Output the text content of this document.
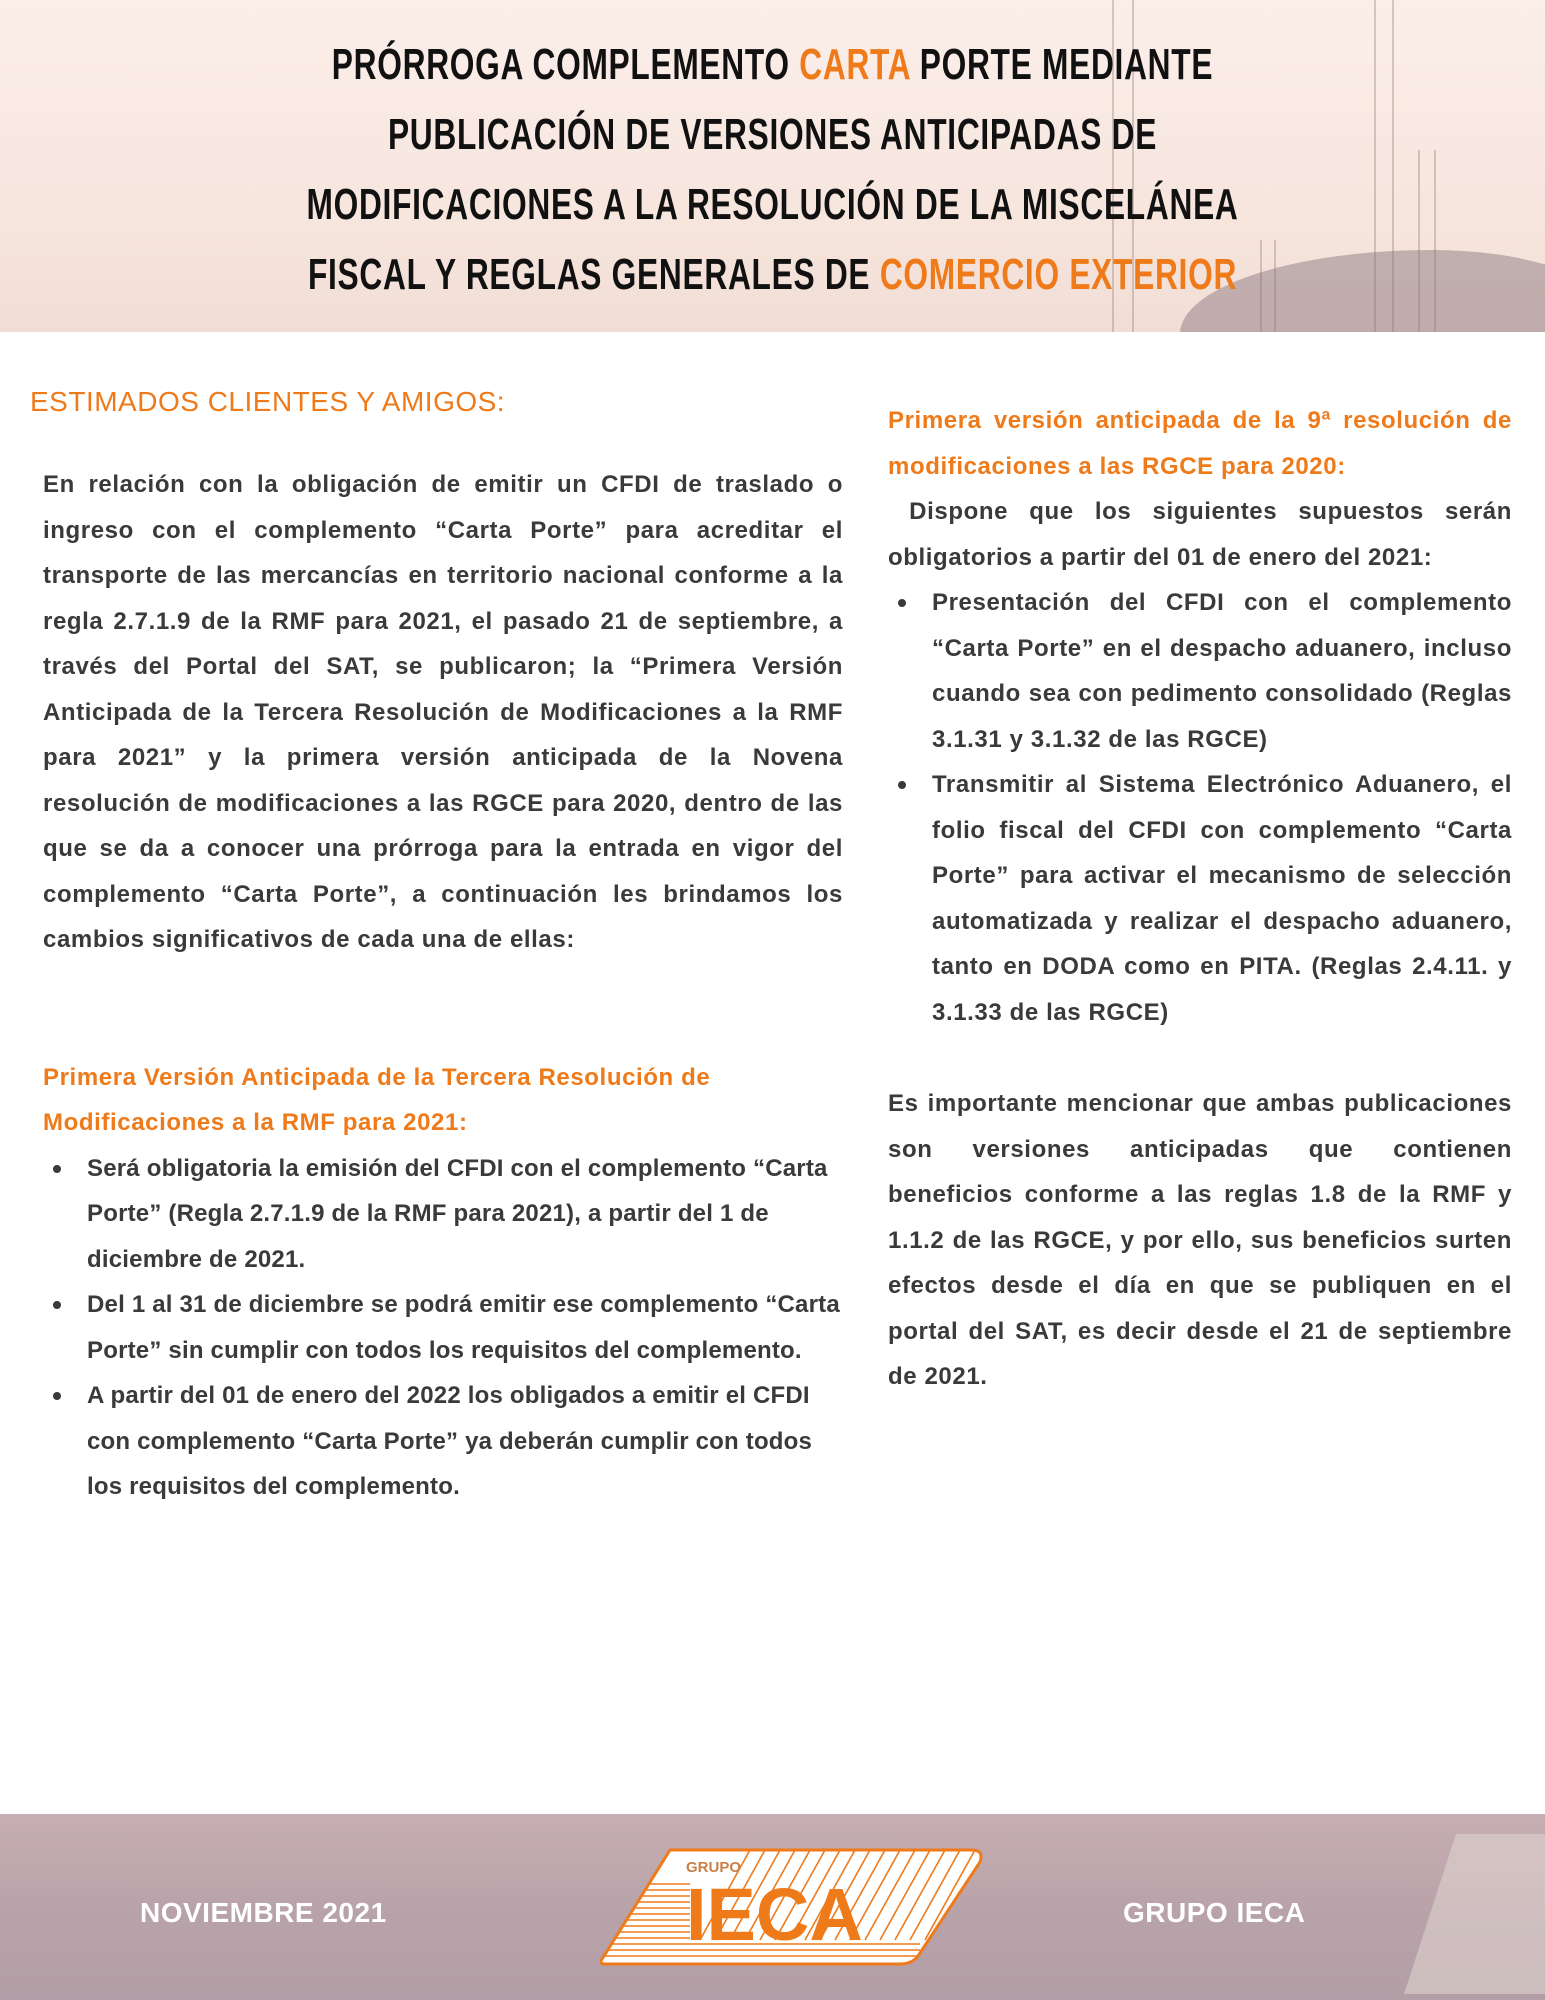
PRÓRROGA COMPLEMENTO CARTA PORTE MEDIANTE
PUBLICACIÓN DE VERSIONES ANTICIPADAS DE
MODIFICACIONES A LA RESOLUCIÓN DE LA MISCELÁNEA
FISCAL Y REGLAS GENERALES DE COMERCIO EXTERIOR
ESTIMADOS CLIENTES Y AMIGOS:

En relación con la obligación de emitir un CFDI de traslado o ingreso con el complemento “Carta Porte” para acreditar el transporte de las mercancías en territorio nacional conforme a la regla 2.7.1.9 de la RMF para 2021, el pasado 21 de septiembre, a través del Portal del SAT, se publicaron; la “Primera Versión Anticipada de la Tercera Resolución de Modificaciones a la RMF para 2021” y la primera versión anticipada de la Novena resolución de modificaciones a las RGCE para 2020, dentro de las que se da a conocer una prórroga para la entrada en vigor del complemento “Carta Porte”, a continuación les brindamos los cambios significativos de cada una de ellas:

Primera Versión Anticipada de la Tercera Resolución de Modificaciones a la RMF para 2021:
Será obligatoria la emisión del CFDI con el complemento “Carta Porte” (Regla 2.7.1.9 de la RMF para 2021), a partir del 1 de diciembre de 2021.
Del 1 al 31 de diciembre se podrá emitir ese complemento “Carta Porte” sin cumplir con todos los requisitos del complemento.
A partir del 01 de enero del 2022 los obligados a emitir el CFDI con complemento “Carta Porte” ya deberán cumplir con todos los requisitos del complemento.
Primera versión anticipada de la 9ª resolución de modificaciones a las RGCE para 2020:

Dispone que los siguientes supuestos serán obligatorios a partir del 01 de enero del 2021:

Presentación del CFDI con el complemento “Carta Porte” en el despacho aduanero, incluso cuando sea con pedimento consolidado (Reglas 3.1.31 y 3.1.32 de las RGCE)

Transmitir al Sistema Electrónico Aduanero, el folio fiscal del CFDI con complemento “Carta Porte” para activar el mecanismo de selección automatizada y realizar el despacho aduanero, tanto en DODA como en PITA. (Reglas 2.4.11. y 3.1.33 de las RGCE)

Es importante mencionar que ambas publicaciones son versiones anticipadas que contienen beneficios conforme a las reglas 1.8 de la RMF y 1.1.2 de las RGCE, y por ello, sus beneficios surten efectos desde el día en que se publiquen en el portal del SAT, es decir desde el 21 de septiembre de 2021.

NOVIEMBRE 2021
GRUPO
IECA	GRUPO IECA
